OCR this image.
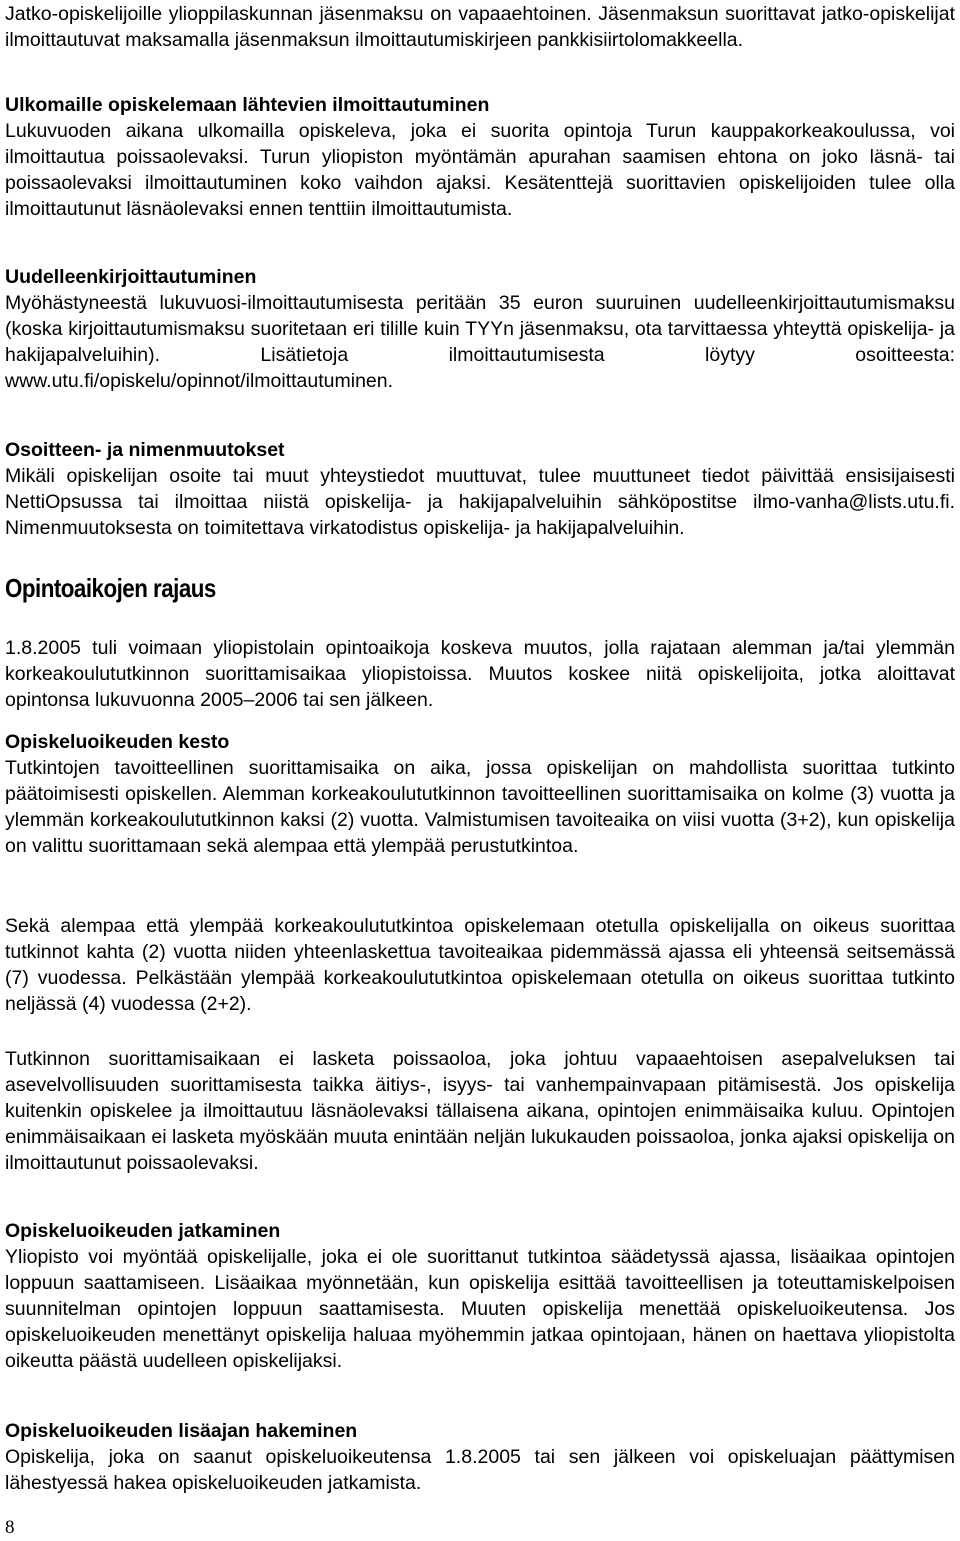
Jatko-opiskelijoille ylioppilaskunnan jäsenmaksu on vapaaehtoinen. Jäsenmaksun suorittavat jatko-opiskelijat ilmoittautuvat maksamalla jäsenmaksun ilmoittautumiskirjeen pankkisiirtolomakkeella.

Ulkomaille opiskelemaan lähtevien ilmoittautuminen

Lukuvuoden aikana ulkomailla opiskeleva, joka ei suorita opintoja Turun kauppakorkeakoulussa, voi ilmoittautua poissaolevaksi. Turun yliopiston myöntämän apurahan saamisen ehtona on joko läsnä- tai poissaolevaksi ilmoittautuminen koko vaihdon ajaksi. Kesätenttejä suorittavien opiskelijoiden tulee olla ilmoittautunut läsnäolevaksi ennen tenttiin ilmoittautumista.

Uudelleenkirjoittautuminen

Myöhästyneestä lukuvuosi-ilmoittautumisesta peritään 35 euron suuruinen uudelleenkirjoittautumismaksu (koska kirjoittautumismaksu suoritetaan eri tilille kuin TYYn jäsenmaksu, ota tarvittaessa yhteyttä opiskelija- ja hakijapalveluihin). Lisätietoja ilmoittautumisesta löytyy osoitteesta: www.utu.fi/opiskelu/opinnot/ilmoittautuminen.

Osoitteen- ja nimenmuutokset

Mikäli opiskelijan osoite tai muut yhteystiedot muuttuvat, tulee muuttuneet tiedot päivittää ensisijaisesti NettiOpsussa tai ilmoittaa niistä opiskelija- ja hakijapalveluihin sähköpostitse ilmo-vanha@lists.utu.fi. Nimenmuutoksesta on toimitettava virkatodistus opiskelija- ja hakijapalveluihin.

Opintoaikojen rajaus

1.8.2005 tuli voimaan yliopistolain opintoaikoja koskeva muutos, jolla rajataan alemman ja/tai ylemmän korkeakoulututkinnon suorittamisaikaa yliopistoissa. Muutos koskee niitä opiskelijoita, jotka aloittavat opintonsa lukuvuonna 2005–2006 tai sen jälkeen.

Opiskeluoikeuden kesto

Tutkintojen tavoitteellinen suorittamisaika on aika, jossa opiskelijan on mahdollista suorittaa tutkinto päätoimisesti opiskellen. Alemman korkeakoulututkinnon tavoitteellinen suorittamisaika on kolme (3) vuotta ja ylemmän korkeakoulututkinnon kaksi (2) vuotta. Valmistumisen tavoiteaika on viisi vuotta (3+2), kun opiskelija on valittu suorittamaan sekä alempaa että ylempää perustutkintoa.

Sekä alempaa että ylempää korkeakoulututkintoa opiskelemaan otetulla opiskelijalla on oikeus suorittaa tutkinnot kahta (2) vuotta niiden yhteenlaskettua tavoiteaikaa pidemmässä ajassa eli yhteensä seitsemässä (7) vuodessa. Pelkästään ylempää korkeakoulututkintoa opiskelemaan otetulla on oikeus suorittaa tutkinto neljässä (4) vuodessa (2+2).

Tutkinnon suorittamisaikaan ei lasketa poissaoloa, joka johtuu vapaaehtoisen asepalveluksen tai asevelvollisuuden suorittamisesta taikka äitiys-, isyys- tai vanhempainvapaan pitämisestä. Jos opiskelija kuitenkin opiskelee ja ilmoittautuu läsnäolevaksi tällaisena aikana, opintojen enimmäisaika kuluu. Opintojen enimmäisaikaan ei lasketa myöskään muuta enintään neljän lukukauden poissaoloa, jonka ajaksi opiskelija on ilmoittautunut poissaolevaksi.

Opiskeluoikeuden jatkaminen

Yliopisto voi myöntää opiskelijalle, joka ei ole suorittanut tutkintoa säädetyssä ajassa, lisäaikaa opintojen loppuun saattamiseen. Lisäaikaa myönnetään, kun opiskelija esittää tavoitteellisen ja toteuttamiskelpoisen suunnitelman opintojen loppuun saattamisesta. Muuten opiskelija menettää opiskeluoikeutensa. Jos opiskeluoikeuden menettänyt opiskelija haluaa myöhemmin jatkaa opintojaan, hänen on haettava yliopistolta oikeutta päästä uudelleen opiskelijaksi.

Opiskeluoikeuden lisäajan hakeminen

Opiskelija, joka on saanut opiskeluoikeutensa 1.8.2005 tai sen jälkeen voi opiskeluajan päättymisen lähestyessä hakea opiskeluoikeuden jatkamista.

8
